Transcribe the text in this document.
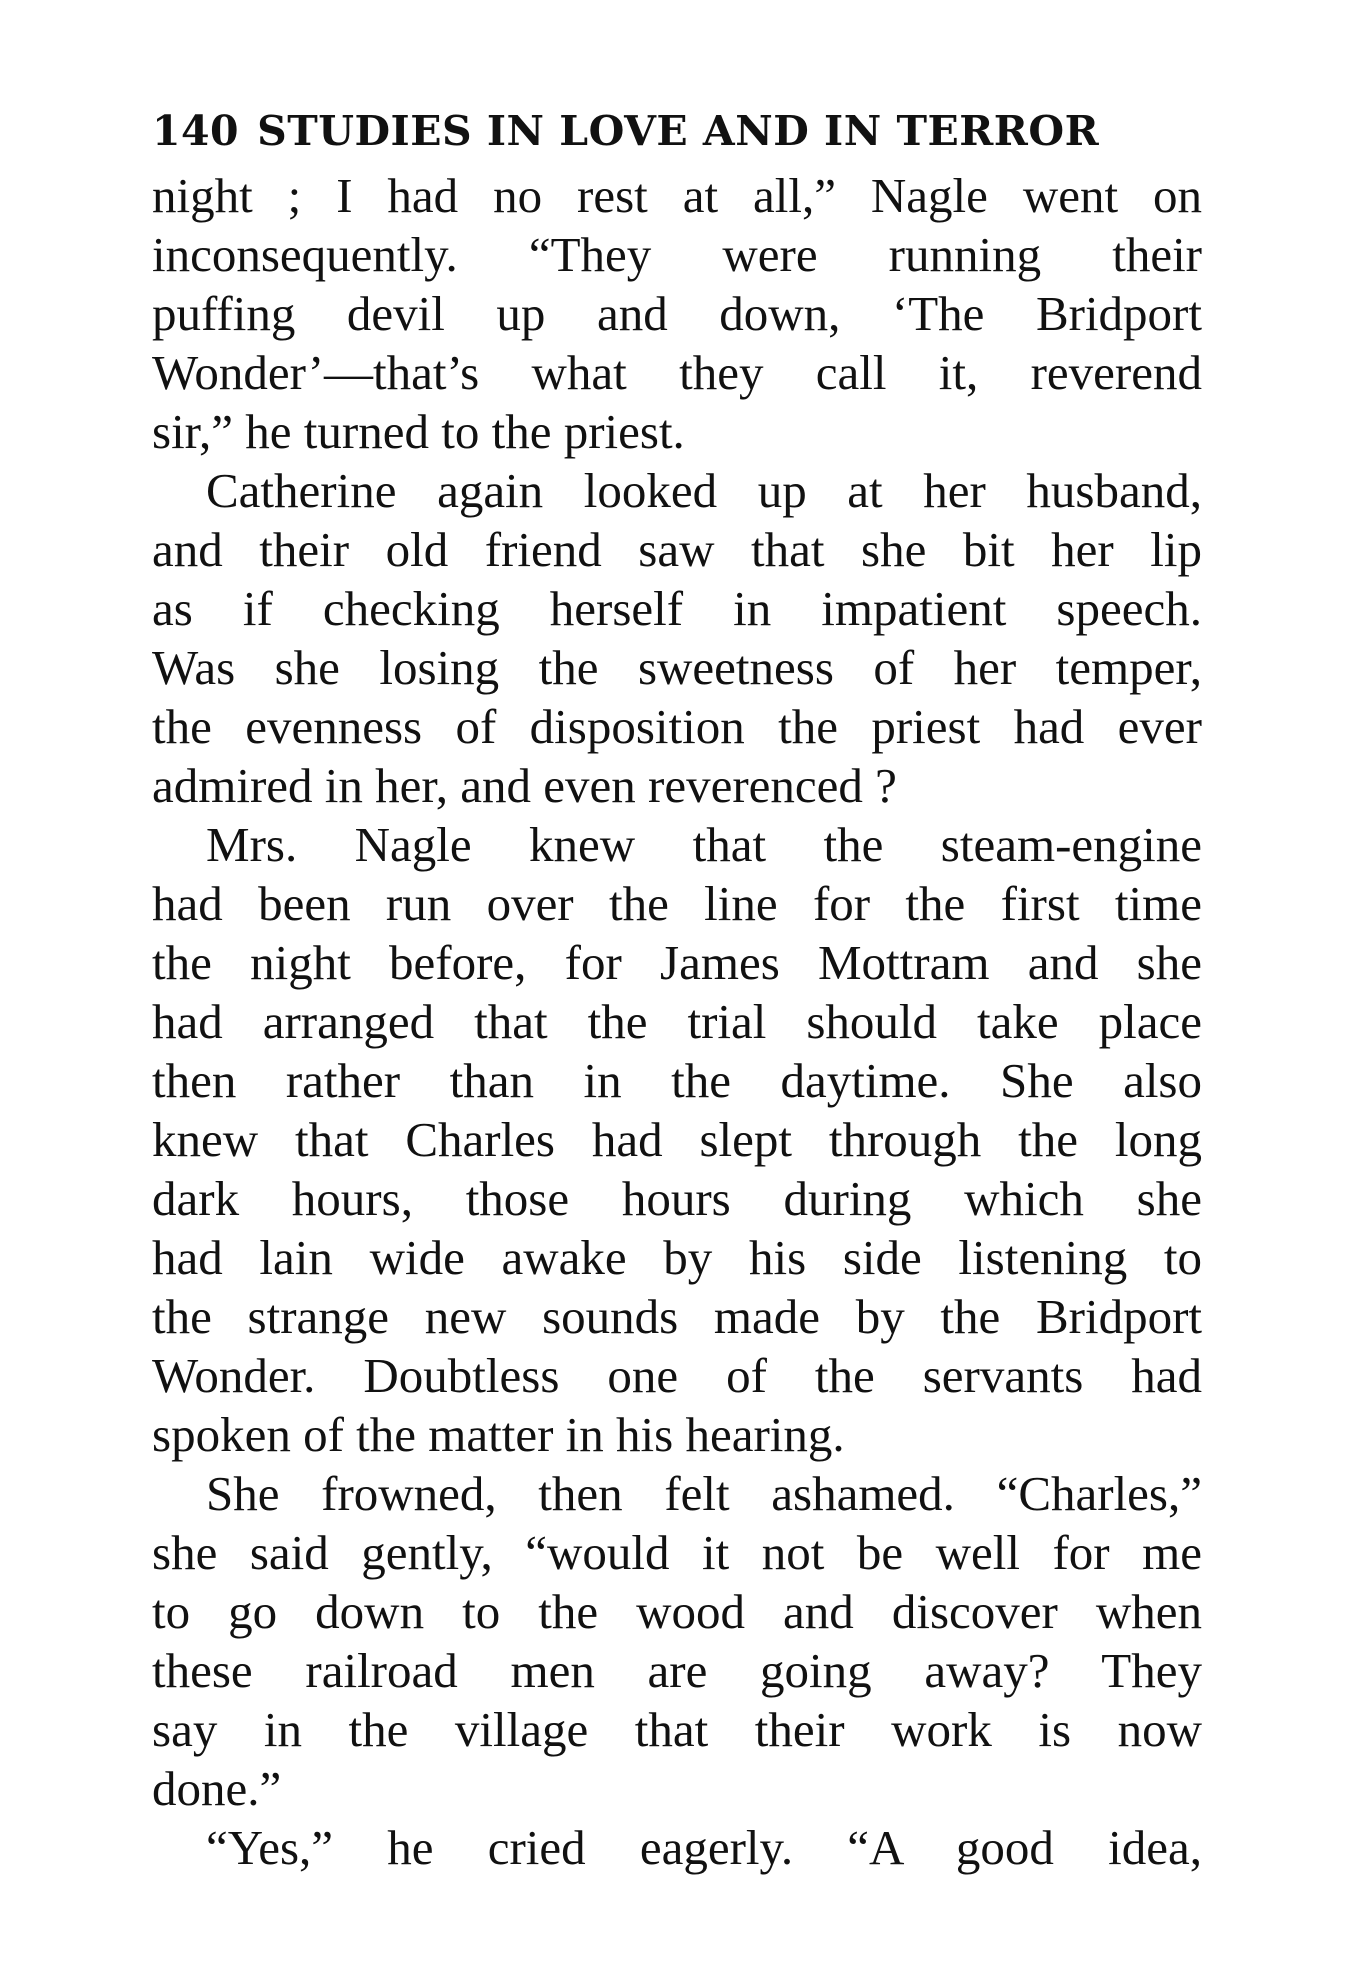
140 STUDIES IN LOVE AND IN TERROR
night ; I had no rest at all,” Nagle went on
inconsequently. “They were running their
puffing devil up and down, ‘The Bridport
Wonder’—that’s what they call it, reverend
sir,” he turned to the priest.
Catherine again looked up at her husband,
and their old friend saw that she bit her lip
as if checking herself in impatient speech.
Was she losing the sweetness of her temper,
the evenness of disposition the priest had ever
admired in her, and even reverenced ?
Mrs. Nagle knew that the steam-engine
had been run over the line for the first time
the night before, for James Mottram and she
had arranged that the trial should take place
then rather than in the daytime. She also
knew that Charles had slept through the long
dark hours, those hours during which she
had lain wide awake by his side listening to
the strange new sounds made by the Bridport
Wonder. Doubtless one of the servants had
spoken of the matter in his hearing.
She frowned, then felt ashamed. “Charles,”
she said gently, “would it not be well for me
to go down to the wood and discover when
these railroad men are going away? They
say in the village that their work is now
done.”
“Yes,” he cried eagerly. “A good idea,
